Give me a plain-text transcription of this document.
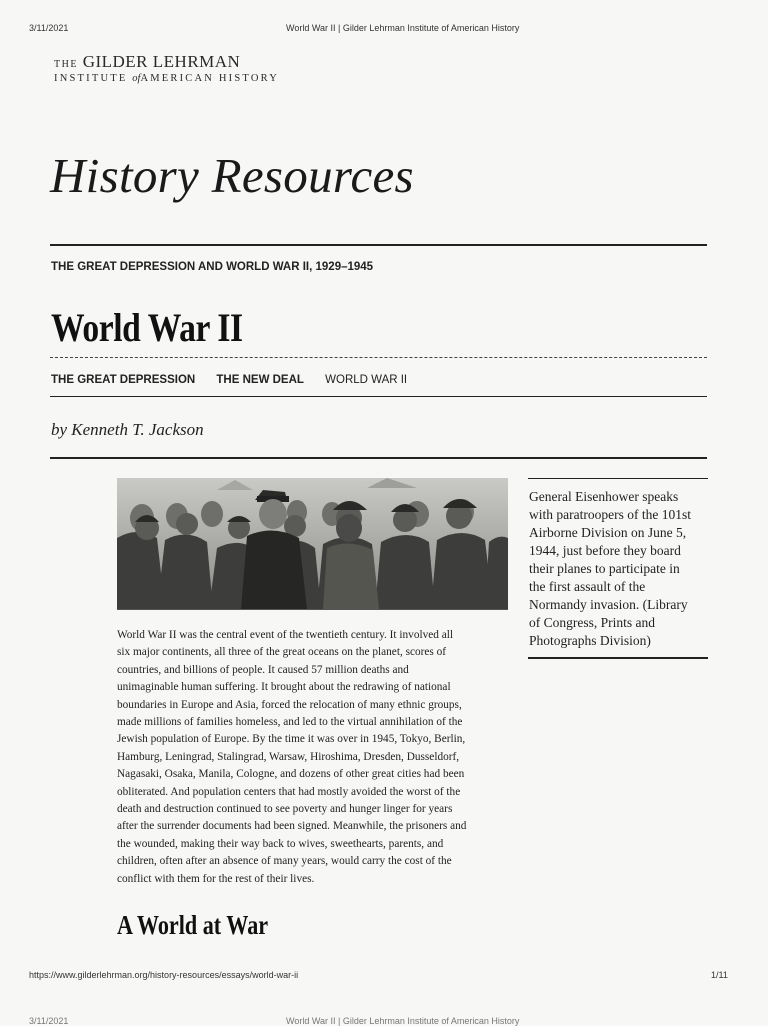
3/11/2021	World War II | Gilder Lehrman Institute of American History
THE GILDER LEHRMAN
INSTITUTE ofAMERICAN HISTORY
History Resources
THE GREAT DEPRESSION AND WORLD WAR II, 1929–1945
World War II
THE GREAT DEPRESSION THE NEW DEAL WORLD WAR II
by Kenneth T. Jackson
General Eisenhower speaks
with paratroopers of the 101st
Airborne Division on June 5,
1944, just before they board
their planes to participate in
the first assault of the
Normandy invasion. (Library
of Congress, Prints and
Photographs Division)
World War II was the central event of the twentieth century. It involved all
six major continents, all three of the great oceans on the planet, scores of
countries, and billions of people. It caused 57 million deaths and
unimaginable human suffering. It brought about the redrawing of national
boundaries in Europe and Asia, forced the relocation of many ethnic groups,
made millions of families homeless, and led to the virtual annihilation of the
Jewish population of Europe. By the time it was over in 1945, Tokyo, Berlin,
Hamburg, Leningrad, Stalingrad, Warsaw, Hiroshima, Dresden, Dusseldorf,
Nagasaki, Osaka, Manila, Cologne, and dozens of other great cities had been
obliterated. And population centers that had mostly avoided the worst of the
death and destruction continued to see poverty and hunger linger for years
after the surrender documents had been signed. Meanwhile, the prisoners and
the wounded, making their way back to wives, sweethearts, parents, and
children, often after an absence of many years, would carry the cost of the
conflict with them for the rest of their lives.
A World at War
https://www.gilderlehrman.org/history-resources/essays/world-war-ii	1/11
3/11/2021	World War II | Gilder Lehrman Institute of American History
